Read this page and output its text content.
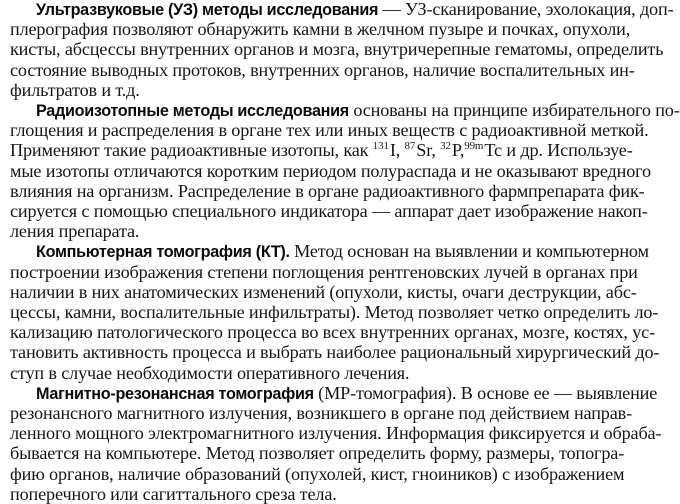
Ультразвуковые (УЗ) методы исследования — УЗ-сканирование, эхолокация, доп-
плерография позволяют обнаружить камни в желчном пузыре и почках, опухоли,
кисты, абсцессы внутренних органов и мозга, внутричерепные гематомы, определить
состояние выводных протоков, внутренних органов, наличие воспалительных ин-
фильтратов и т.д.
Радиоизотопные методы исследования основаны на принципе избирательного по-
глощения и распределения в органе тех или иных веществ с радиоактивной меткой.
Применяют такие радиоактивные изотопы, как $^{131}$I, $^{87}$Sr, $^{32}$P,$^{99m}$Tc и др. Используе-
мые изотопы отличаются коротким периодом полураспада и не оказывают вредного
влияния на организм. Распределение в органе радиоактивного фармпрепарата фик-
сируется с помощью специального индикатора — аппарат дает изображение накоп-
ления препарата.
Компьютерная томография (КТ). Метод основан на выявлении и компьютерном
построении изображения степени поглощения рентгеновских лучей в органах при
наличии в них анатомических изменений (опухоли, кисты, очаги деструкции, абс-
цессы, камни, воспалительные инфильтраты). Метод позволяет четко определить ло-
кализацию патологического процесса во всех внутренних органах, мозге, костях, ус-
тановить активность процесса и выбрать наиболее рациональный хирургический до-
ступ в случае необходимости оперативного лечения.
Магнитно-резонансная томография (МР-томография). В основе ее — выявление
резонансного магнитного излучения, возникшего в органе под действием направ-
ленного мощного электромагнитного излучения. Информация фиксируется и обраба-
бывается на компьютере. Метод позволяет определить форму, размеры, топогра-
фию органов, наличие образований (опухолей, кист, гноиников) с изображением
поперечного или сагиттального среза тела.
